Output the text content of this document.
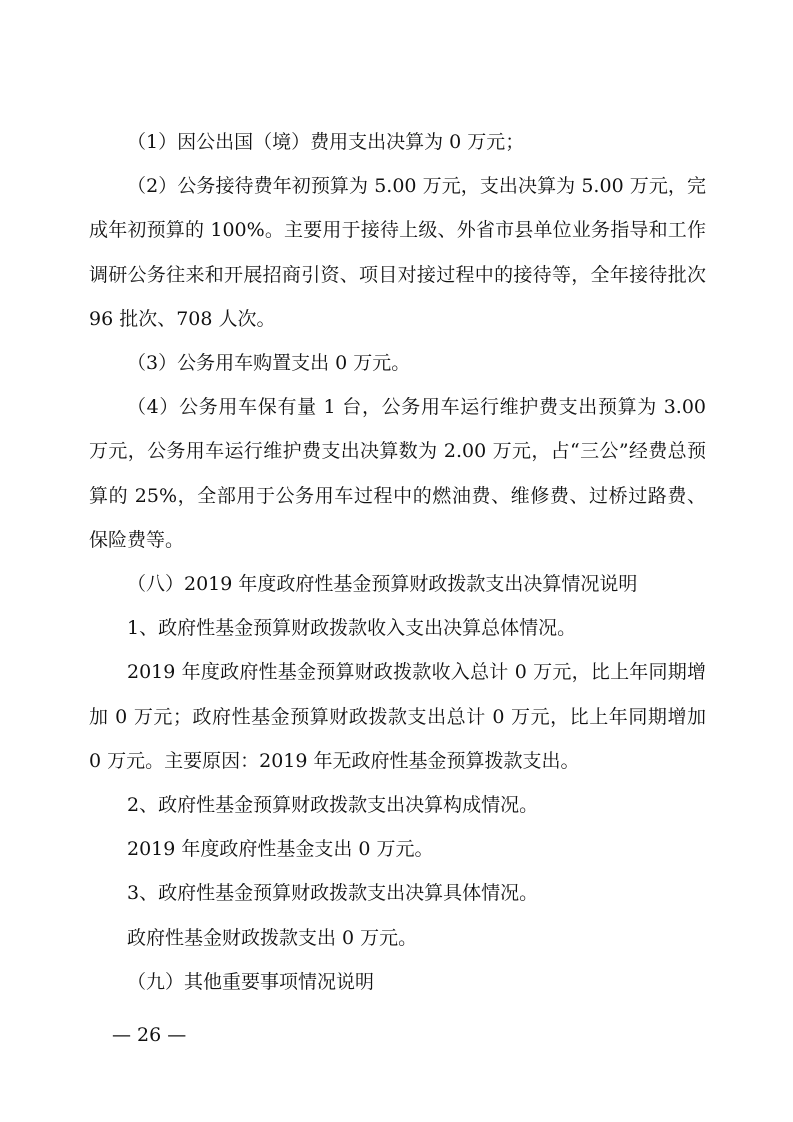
（1）因公出国（境）费用支出决算为 0 万元；

（2）公务接待费年初预算为 5.00 万元，支出决算为 5.00 万元，完成年初预算的 100%。主要用于接待上级、外省市县单位业务指导和工作调研公务往来和开展招商引资、项目对接过程中的接待等，全年接待批次 96 批次、708 人次。

（3）公务用车购置支出 0 万元。

（4）公务用车保有量 1 台，公务用车运行维护费支出预算为 3.00 万元，公务用车运行维护费支出决算数为 2.00 万元，占“三公”经费总预算的 25%，全部用于公务用车过程中的燃油费、维修费、过桥过路费、保险费等。

（八）2019 年度政府性基金预算财政拨款支出决算情况说明

1、政府性基金预算财政拨款收入支出决算总体情况。

2019 年度政府性基金预算财政拨款收入总计 0 万元，比上年同期增加 0 万元；政府性基金预算财政拨款支出总计 0 万元，比上年同期增加 0 万元。主要原因：2019 年无政府性基金预算拨款支出。

2、政府性基金预算财政拨款支出决算构成情况。

2019 年度政府性基金支出 0 万元。

3、政府性基金预算财政拨款支出决算具体情况。

政府性基金财政拨款支出 0 万元。

（九）其他重要事项情况说明

— 26 —
